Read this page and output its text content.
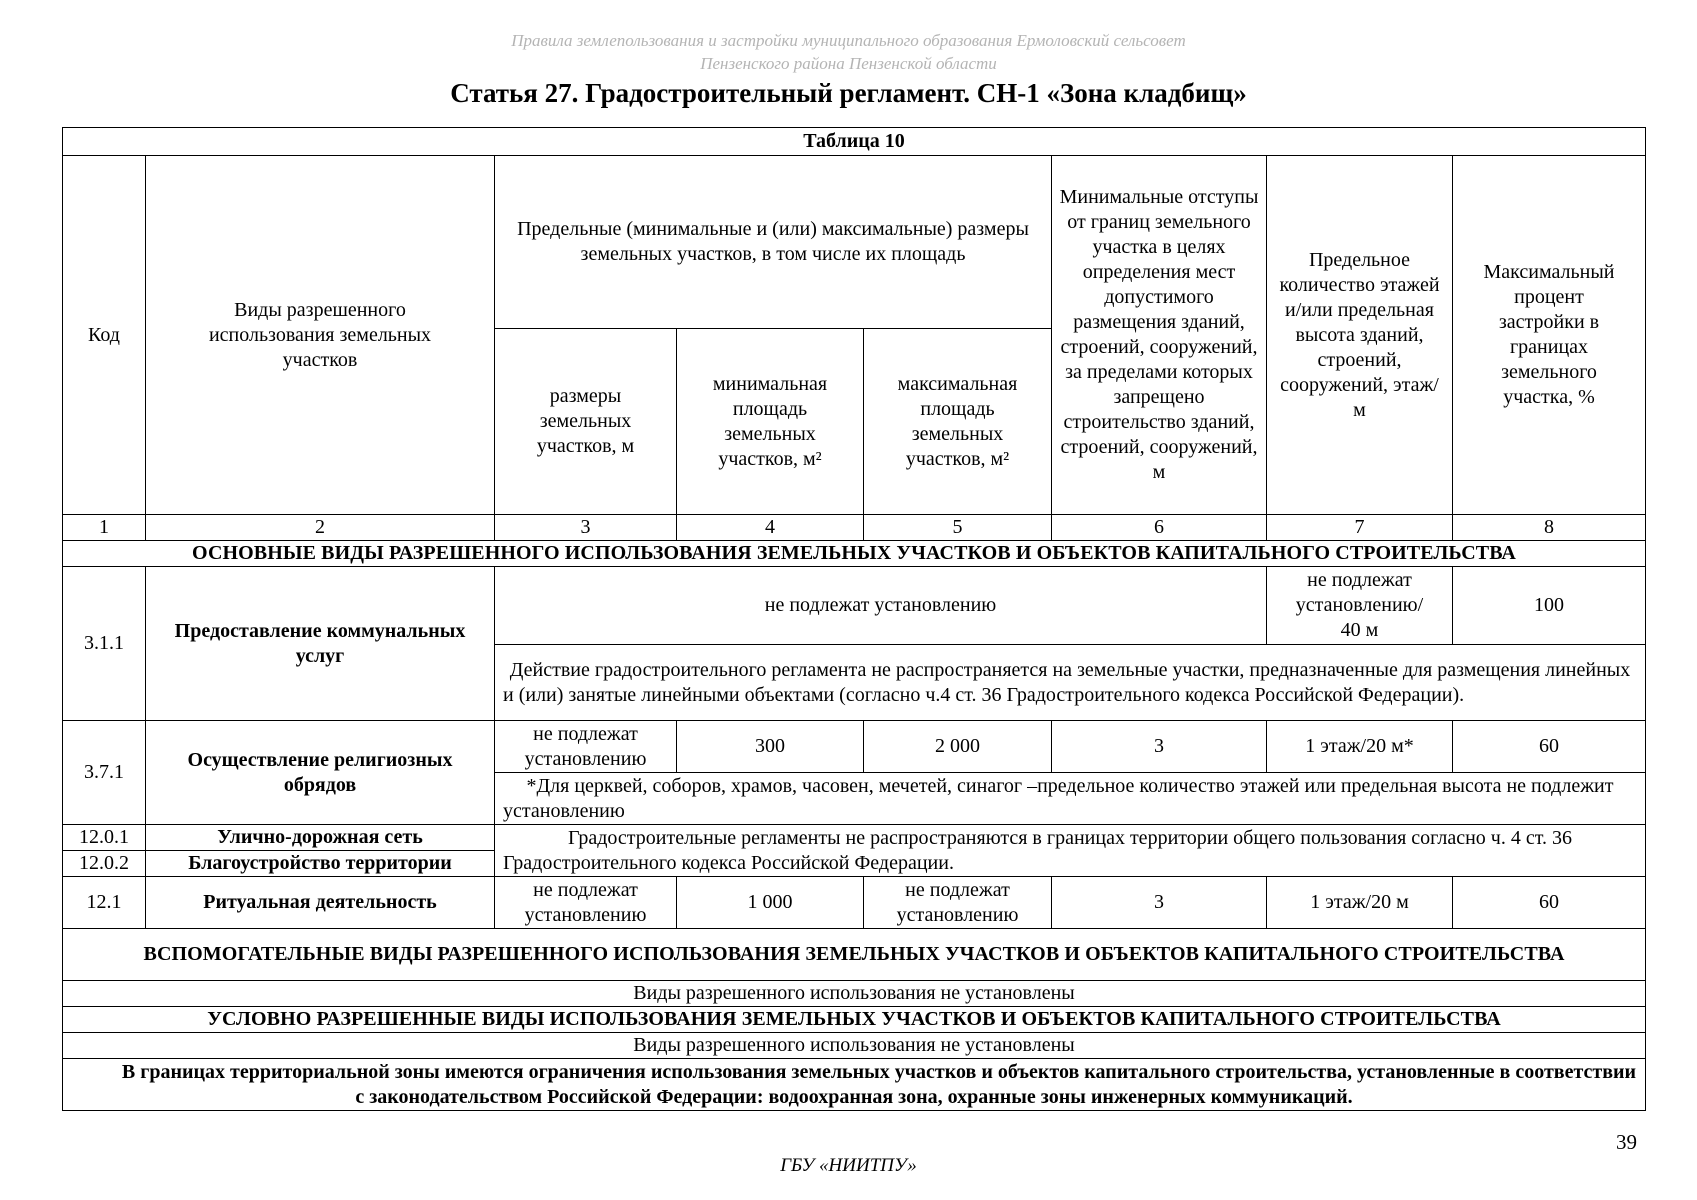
Правила землепользования и застройки муниципального образования Ермоловский сельсовет
Пензенского района Пензенской области
Статья 27. Градостроительный регламент. СН-1 «Зона кладбищ»
Таблица 10							
Код	Виды разрешенного использования земельных участков	Предельные (минимальные и (или) максимальные) размеры земельных участков, в том числе их площадь			Минимальные отступы от границ земельного участка в целях определения мест допустимого размещения зданий, строений, сооружений, за пределами которых запрещено строительство зданий, строений, сооружений, м	Предельное количество этажей и/или предельная высота зданий, строений, сооружений, этаж/м	Максимальный процент застройки в границах земельного участка, %
		размеры земельных участков, м	минимальная площадь земельных участков, м²	максимальная площадь земельных участков, м²			
1	2	3	4	5	6	7	8
ОСНОВНЫЕ ВИДЫ РАЗРЕШЕННОГО ИСПОЛЬЗОВАНИЯ ЗЕМЕЛЬНЫХ УЧАСТКОВ И ОБЪЕКТОВ КАПИТАЛЬНОГО СТРОИТЕЛЬСТВА							
3.1.1	Предоставление коммунальных услуг	не подлежат установлению				не подлежат установлению/ 40 м	100
		Действие градостроительного регламента не распространяется на земельные участки, предназначенные для размещения линейных и (или) занятые линейными объектами (согласно ч.4 ст. 36 Градостроительного кодекса Российской Федерации).					
3.7.1	Осуществление религиозных обрядов	не подлежат установлению	300	2 000	3	1 этаж/20 м*	60
		*Для церквей, соборов, храмов, часовен, мечетей, синагог –предельное количество этажей или предельная высота не подлежит установлению					
12.0.1	Улично-дорожная сеть	Градостроительные регламенты не распространяются в границах территории общего пользования согласно ч. 4 ст. 36 Градостроительного кодекса Российской Федерации.					
12.0.2	Благоустройство территории						
12.1	Ритуальная деятельность	не подлежат установлению	1 000	не подлежат установлению	3	1 этаж/20 м	60
ВСПОМОГАТЕЛЬНЫЕ ВИДЫ РАЗРЕШЕННОГО ИСПОЛЬЗОВАНИЯ ЗЕМЕЛЬНЫХ УЧАСТКОВ И ОБЪЕКТОВ КАПИТАЛЬНОГО СТРОИТЕЛЬСТВА							
Виды разрешенного использования не установлены							
УСЛОВНО РАЗРЕШЕННЫЕ ВИДЫ ИСПОЛЬЗОВАНИЯ ЗЕМЕЛЬНЫХ УЧАСТКОВ И ОБЪЕКТОВ КАПИТАЛЬНОГО СТРОИТЕЛЬСТВА							
Виды разрешенного использования не установлены							
В границах территориальной зоны имеются ограничения использования земельных участков и объектов капитального строительства, установленные в соответствии с законодательством Российской Федерации: водоохранная зона, охранные зоны инженерных коммуникаций.							
39
ГБУ «НИИТПУ»
